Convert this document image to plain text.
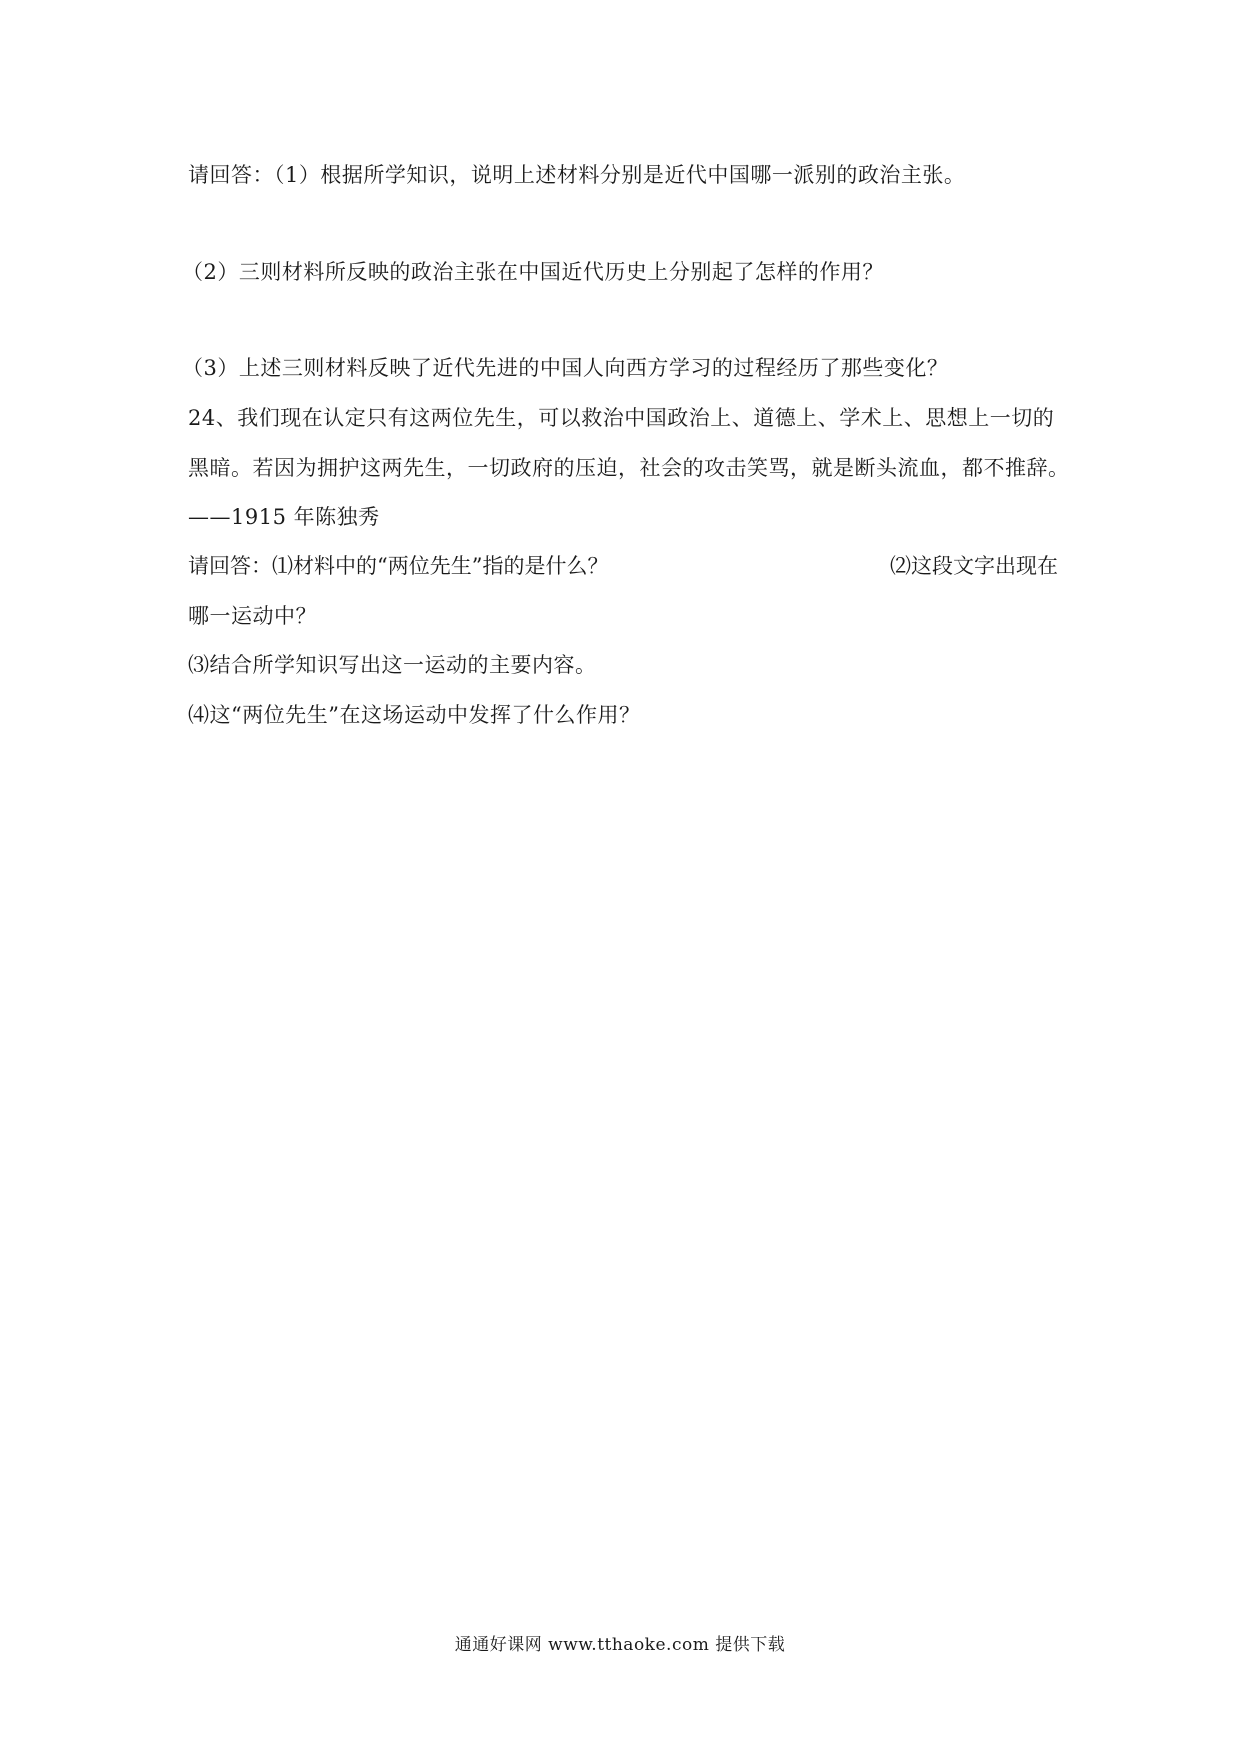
请回答：（1）根据所学知识，说明上述材料分别是近代中国哪一派别的政治主张。
（2）三则材料所反映的政治主张在中国近代历史上分别起了怎样的作用？
（3）上述三则材料反映了近代先进的中国人向西方学习的过程经历了那些变化？
24、我们现在认定只有这两位先生，可以救治中国政治上、道德上、学术上、思想上一切的
黑暗。若因为拥护这两先生，一切政府的压迫，社会的攻击笑骂，就是断头流血，都不推辞。
——1915 年陈独秀
请回答：⑴材料中的“两位先生”指的是什么？	⑵这段文字出现在
哪一运动中？
⑶结合所学知识写出这一运动的主要内容。
⑷这“两位先生”在这场运动中发挥了什么作用？
通通好课网 www.tthaoke.com 提供下载
